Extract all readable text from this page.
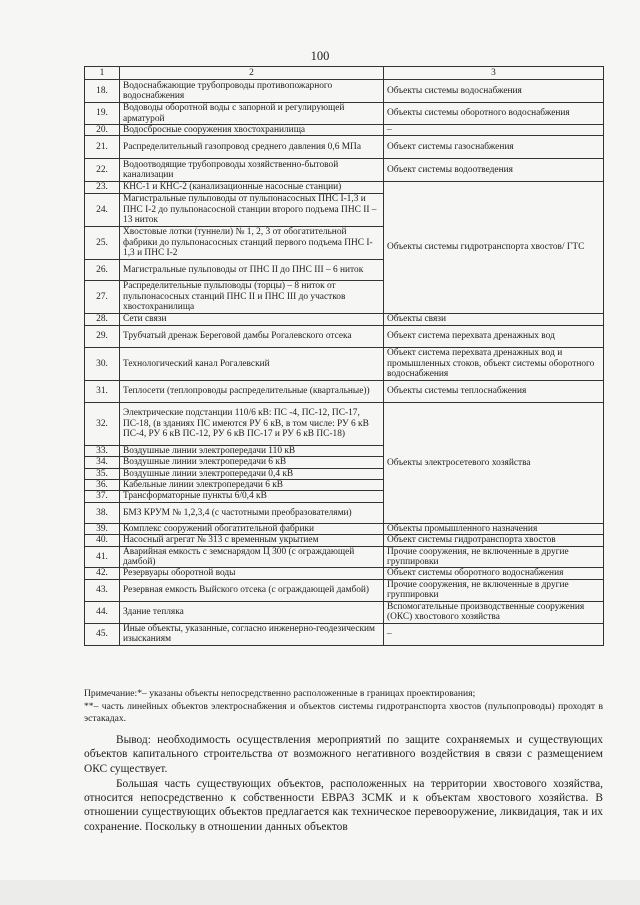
100
1	2	3
18.	Водоснабжающие трубопроводы противопожарного водоснабжения	Объекты системы водоснабжения
19.	Водоводы оборотной воды с запорной и регулирующей арматурой	Объекты системы оборотного водоснабжения
20.	Водосбросные сооружения хвостохранилища	–
21.	Распределительный газопровод среднего давления 0,6 МПа	Объект системы газоснабжения
22.	Водоотводящие трубопроводы хозяйственно-бытовой канализации	Объект системы водоотведения
23.	КНС-1 и КНС-2 (канализационные насосные станции)	Объекты системы гидротранспорта хвостов/ ГТС
24.	Магистральные пульповоды от пульпонасосных ПНС I-1,3 и ПНС I-2 до пульпонасосной станции второго подъема ПНС II – 13 ниток	
25.	Хвостовые лотки (туннели) № 1, 2, 3 от обогатительной фабрики до пульпонасосных станций первого подъема ПНС I-1,3 и ПНС I-2	
26.	Магистральные пульповоды от ПНС II до ПНС III – 6 ниток	
27.	Распределительные пульповоды (торцы) – 8 ниток от пульпонасосных станций ПНС II и ПНС III до участков хвостохранилища	
28.	Сети связи	Объекты связи
29.	Трубчатый дренаж Береговой дамбы Рогалевского отсека	Объект система перехвата дренажных вод
30.	Технологический канал Рогалевский	Объект система перехвата дренажных вод и промышленных стоков, объект системы оборотного водоснабжения
31.	Теплосети (теплопроводы распределительные (квартальные))	Объекты системы теплоснабжения
32.	Электрические подстанции 110/6 кВ: ПС -4, ПС-12, ПС-17, ПС-18, (в зданиях ПС имеются РУ 6 кВ, в том числе: РУ 6 кВ ПС-4, РУ 6 кВ ПС-12, РУ 6 кВ ПС-17 и РУ 6 кВ ПС-18)	Объекты электросетевого хозяйства
33.	Воздушные линии электропередачи 110 кВ	
34.	Воздушные линии электропередачи 6 кВ	
35.	Воздушные линии электропередачи 0,4 кВ	
36.	Кабельные линии электропередачи 6 кВ	
37.	Трансформаторные пункты 6/0,4 кВ	
38.	БМЗ КРУМ № 1,2,3,4 (с частотными преобразователями)	
39.	Комплекс сооружений обогатительной фабрики	Объекты промышленного назначения
40.	Насосный агрегат № 313 с временным укрытием	Объект системы гидротранспорта хвостов
41.	Аварийная емкость с земснарядом Ц 300 (с ограждающей дамбой)	Прочие сооружения, не включенные в другие группировки
42.	Резервуары оборотной воды	Объект системы оборотного водоснабжения
43.	Резервная емкость Выйского отсека (с ограждающей дамбой)	Прочие сооружения, не включенные в другие группировки
44.	Здание тепляка	Вспомогательные производственные сооружения (ОКС) хвостового хозяйства
45.	Иные объекты, указанные, согласно инженерно-геодезическим изысканиям	–

Примечание:*– указаны объекты непосредственно расположенные в границах проектирования;

**– часть линейных объектов электроснабжения и объектов системы гидротранспорта хвостов (пульпопроводы) проходят в эстакадах.

Вывод: необходимость осуществления мероприятий по защите сохраняемых и существующих объектов капитального строительства от возможного негативного воздействия в связи с размещением ОКС существует.

Большая часть существующих объектов, расположенных на территории хвостового хозяйства, относится непосредственно к собственности ЕВРАЗ ЗСМК и к объектам хвостового хозяйства. В отношении существующих объектов предлагается как техническое перевооружение, ликвидация, так и их сохранение. Поскольку в отношении данных объектов
